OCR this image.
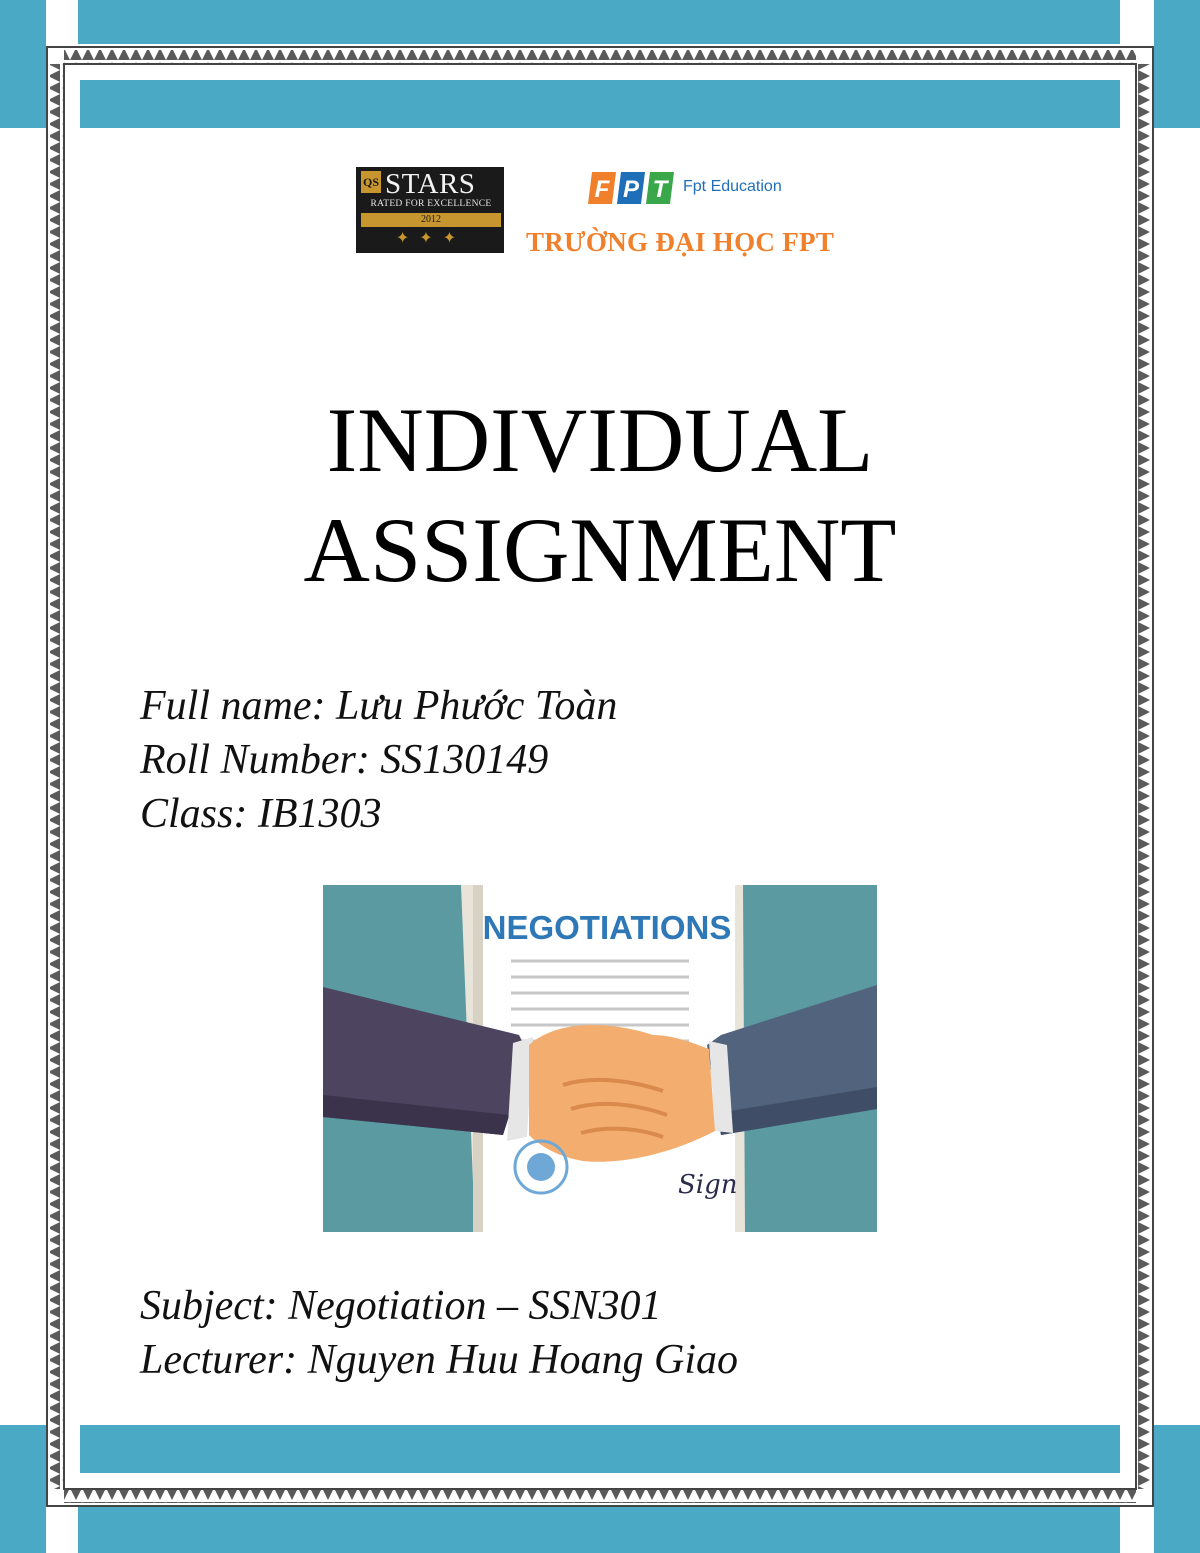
QS STARS
RATED FOR EXCELLENCE
2012
✦✦✦
F P T Fpt Education
TRƯỜNG ĐẠI HỌC FPT
INDIVIDUAL
ASSIGNMENT
Full name: Lưu Phước Toàn
Roll Number: SS130149
Class: IB1303
NEGOTIATIONS
Sign
Subject: Negotiation – SSN301
Lecturer: Nguyen Huu Hoang Giao
